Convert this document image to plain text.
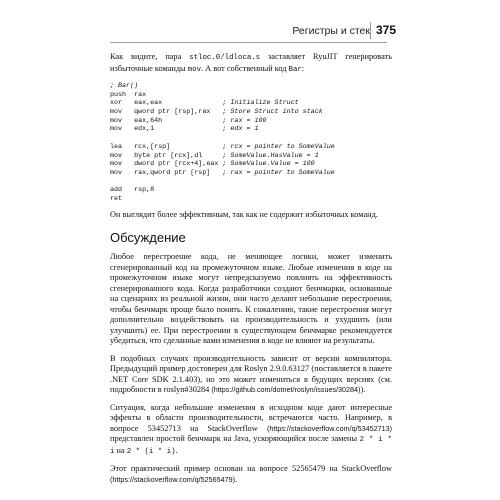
Регистры и стек 375

Как видите, пара stloc.0/ldloca.s заставляет RyuJIT генерировать избыточные команды mov. А вот собственный код Bar:

; Bar()
push  rax
xor   eax,eax               ; Initialize Struct
mov   qword ptr [rsp],rax   ; Store Struct into stack
mov   eax,64h               ; rax = 100
mov   edx,1                 ; edx = 1
lea   rcx,[rsp]             ; rcx = pointer to SomeValue
mov   byte ptr [rcx],dl     ; SomeValue.HasValue = 1
mov   dword ptr [rcx+4],eax ; SomeValue.Value = 100
mov   rax,qword ptr [rsp]   ; rax = pointer to SomeValue
add   rsp,8
ret

Он выглядит более эффективным, так как не содержит избыточных команд.

Обсуждение

Любое перестроение кода, не меняющее логики, может изменить сгенерированный код на промежуточном языке. Любые изменения в коде на промежуточном языке могут непредсказуемо повлиять на эффективность сгенерированного кода. Когда разработчики создают бенчмарки, основанные на сценариях из реальной жизни, они часто делают небольшие перестроения, чтобы бенчмарк проще было понять. К сожалению, такие перестроения могут дополнительно воздействовать на производительность и ухудшить (или улучшить) ее. При перестроении в существующем бенчмарке рекомендуется убедиться, что сделанные вами изменения в коде не влияют на результаты.

В подобных случаях производительность зависит от версии компилятора. Предыдущий пример достоверен для Roslyn 2.9.0.63127 (поставляется в пакете .NET Core SDK 2.1.403), но это может измениться в будущих версиях (см. подробности в roslyn#30284 (https://github.com/dotnet/roslyn/issues/30284)).

Ситуация, когда небольшие изменения в исходном коде дают интересные эффекты в области производительности, встречаются часто. Например, в вопросе 53452713 на StackOverflow (https://stackoverflow.com/q/53452713) представлен простой бенчмарк на Java, ускоряющийся после замены 2 * i * i на 2 * (i * i).

Этот практический пример основан на вопросе 52565479 на StackOverflow (https://stackoverflow.com/q/52565479).
